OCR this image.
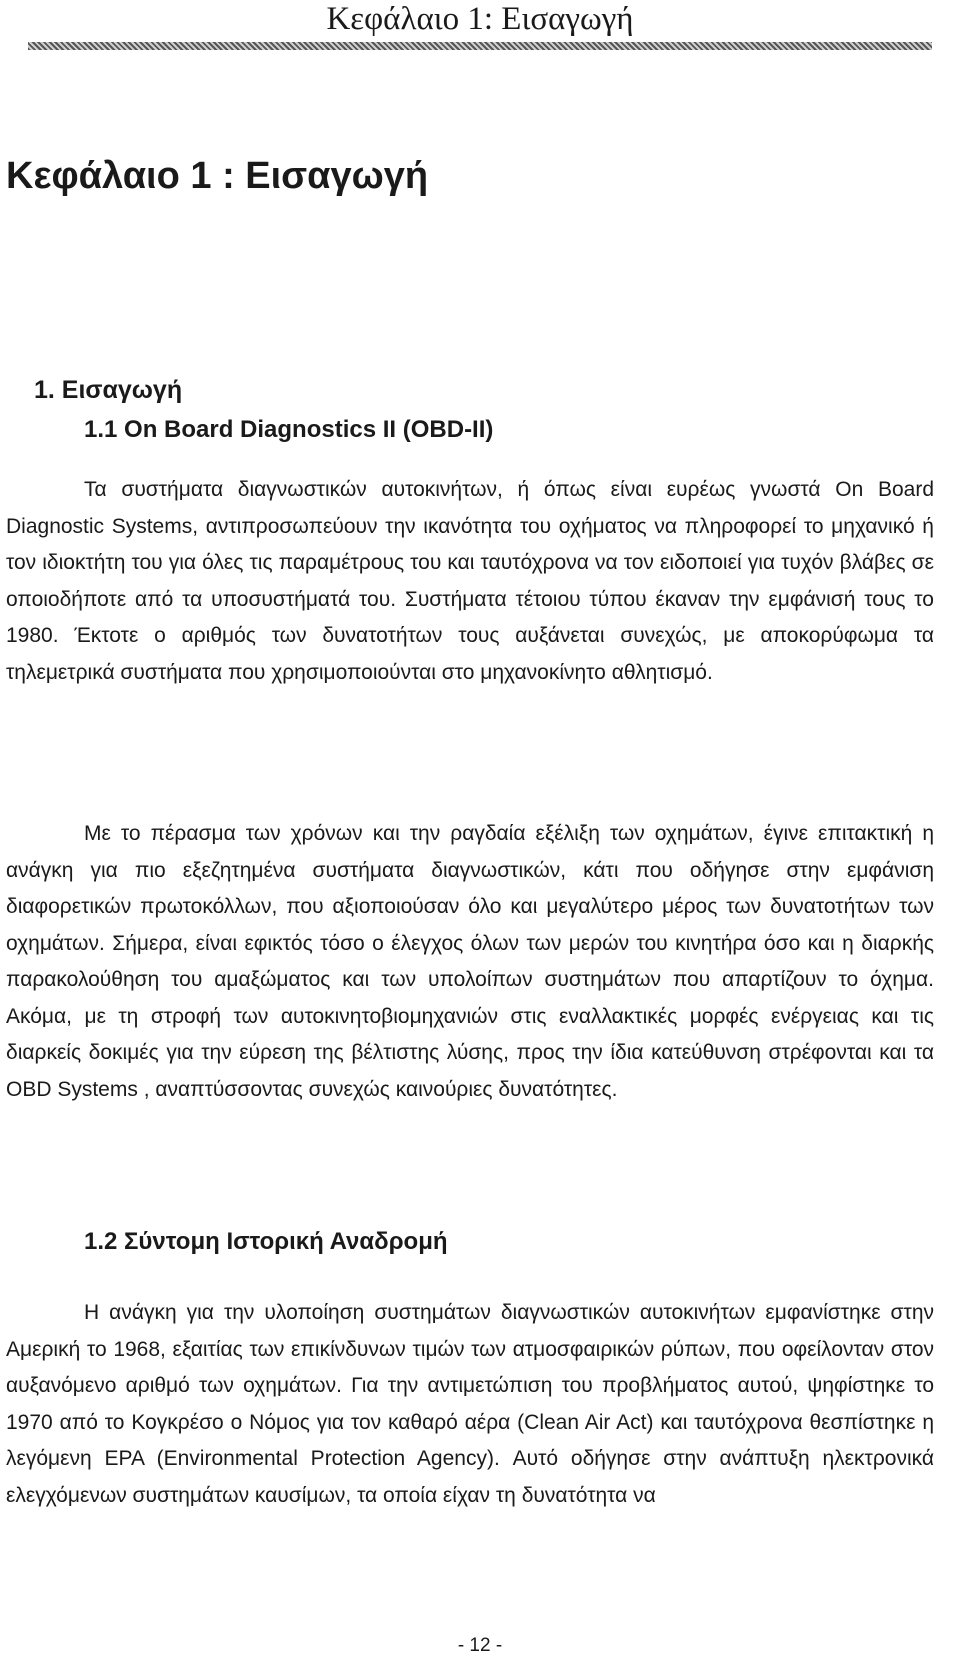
Κεφάλαιο 1: Εισαγωγή
Κεφάλαιο 1 : Εισαγωγή
1. Εισαγωγή
1.1 On Board Diagnostics II (OBD-II)

Τα συστήματα διαγνωστικών αυτοκινήτων, ή όπως είναι ευρέως γνωστά On Board Diagnostic Systems, αντιπροσωπεύουν την ικανότητα του οχήματος να πληροφορεί το μηχανικό ή τον ιδιοκτήτη του για όλες τις παραμέτρους του και ταυτόχρονα να τον ειδοποιεί για τυχόν βλάβες σε οποιοδήποτε από τα υποσυστήματά του. Συστήματα τέτοιου τύπου έκαναν την εμφάνισή τους το 1980. Έκτοτε ο αριθμός των δυνατοτήτων τους αυξάνεται συνεχώς, με αποκορύφωμα τα τηλεμετρικά συστήματα που χρησιμοποιούνται στο μηχανοκίνητο αθλητισμό.

Με το πέρασμα των χρόνων και την ραγδαία εξέλιξη των οχημάτων, έγινε επιτακτική η ανάγκη για πιο εξεζητημένα συστήματα διαγνωστικών, κάτι που οδήγησε στην εμφάνιση διαφορετικών πρωτοκόλλων, που αξιοποιούσαν όλο και μεγαλύτερο μέρος των δυνατοτήτων των οχημάτων. Σήμερα, είναι εφικτός τόσο ο έλεγχος όλων των μερών του κινητήρα όσο και η διαρκής παρακολούθηση του αμαξώματος και των υπολοίπων συστημάτων που απαρτίζουν το όχημα. Ακόμα, με τη στροφή των αυτοκινητοβιομηχανιών στις εναλλακτικές μορφές ενέργειας και τις διαρκείς δοκιμές για την εύρεση της βέλτιστης λύσης, προς την ίδια κατεύθυνση στρέφονται και τα OBD Systems , αναπτύσσοντας συνεχώς καινούριες δυνατότητες.

1.2 Σύντομη Ιστορική Αναδρομή

Η ανάγκη για την υλοποίηση συστημάτων διαγνωστικών αυτοκινήτων εμφανίστηκε στην Αμερική το 1968, εξαιτίας των επικίνδυνων τιμών των ατμοσφαιρικών ρύπων, που οφείλονταν στον αυξανόμενο αριθμό των οχημάτων. Για την αντιμετώπιση του προβλήματος αυτού, ψηφίστηκε το 1970 από το Κογκρέσο ο Νόμος για τον καθαρό αέρα (Clean Air Act) και ταυτόχρονα θεσπίστηκε η λεγόμενη EPA (Environmental Protection Agency). Αυτό οδήγησε στην ανάπτυξη ηλεκτρονικά ελεγχόμενων συστημάτων καυσίμων, τα οποία είχαν τη δυνατότητα να

- 12 -
